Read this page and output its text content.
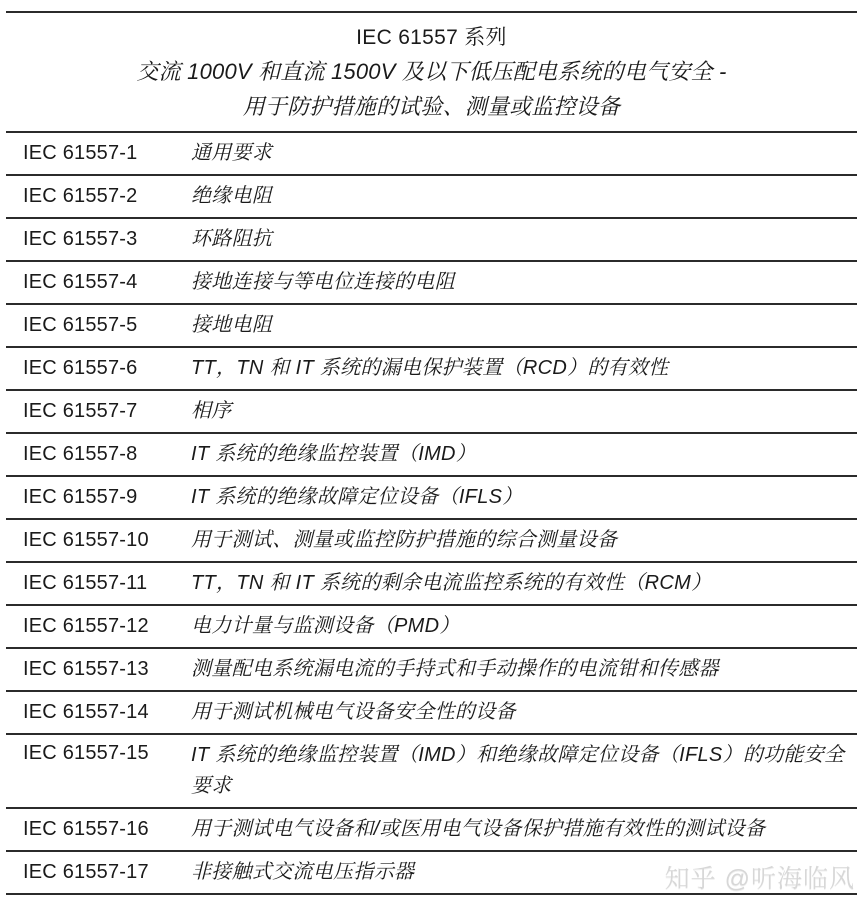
IEC 61557 系列
交流 1000V 和直流 1500V 及以下低压配电系统的电气安全 -
用于防护措施的试验、测量或监控设备
IEC 61557-1	通用要求
IEC 61557-2	绝缘电阻
IEC 61557-3	环路阻抗
IEC 61557-4	接地连接与等电位连接的电阻
IEC 61557-5	接地电阻
IEC 61557-6	TT，TN 和 IT 系统的漏电保护装置（RCD）的有效性
IEC 61557-7	相序
IEC 61557-8	IT 系统的绝缘监控装置（IMD）
IEC 61557-9	IT 系统的绝缘故障定位设备（IFLS）
IEC 61557-10	用于测试、测量或监控防护措施的综合测量设备
IEC 61557-11	TT，TN 和 IT 系统的剩余电流监控系统的有效性（RCM）
IEC 61557-12	电力计量与监测设备（PMD）
IEC 61557-13	测量配电系统漏电流的手持式和手动操作的电流钳和传感器
IEC 61557-14	用于测试机械电气设备安全性的设备
IEC 61557-15	IT 系统的绝缘监控装置（IMD）和绝缘故障定位设备（IFLS）的功能安全要求
IEC 61557-16	用于测试电气设备和/或医用电气设备保护措施有效性的测试设备
IEC 61557-17	非接触式交流电压指示器	知乎 @听海临风
